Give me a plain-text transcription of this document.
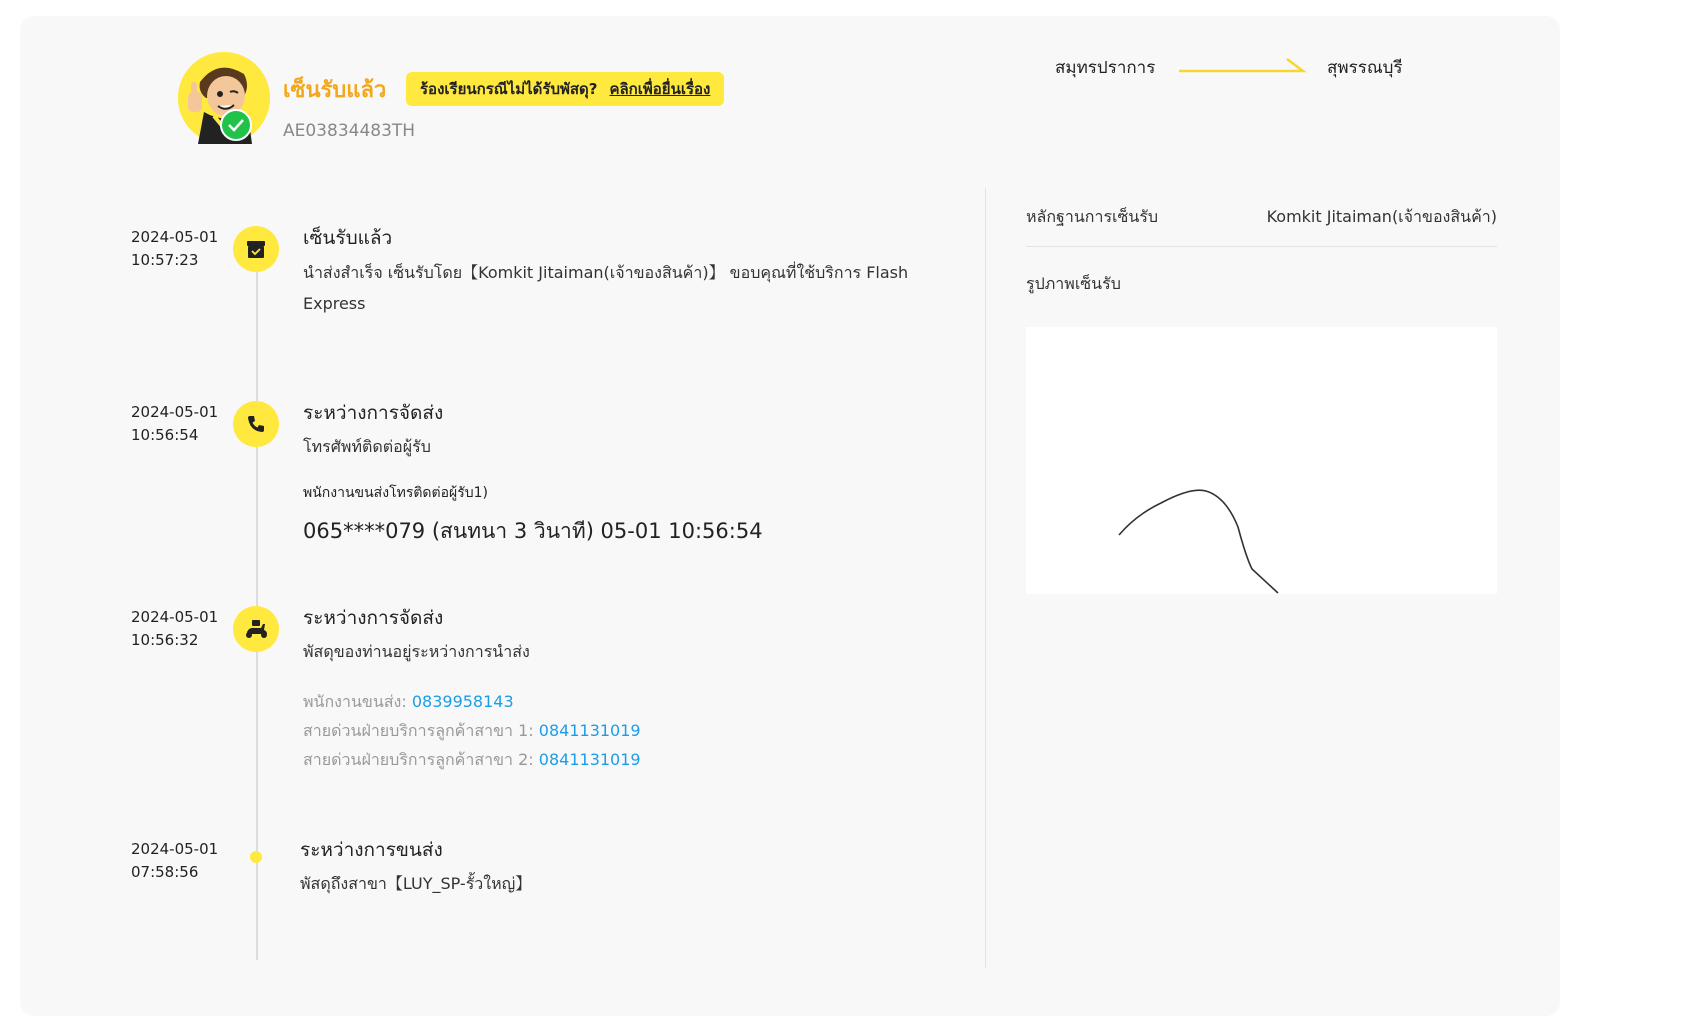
เซ็นรับแล้ว ร้องเรียนกรณีไม่ได้รับพัสดุ? คลิกเพื่อยื่นเรื่อง
AE03834483TH
สมุทรปราการ	สุพรรณบุรี
2024-05-01
10:57:23
เซ็นรับแล้ว
นำส่งสำเร็จ เซ็นรับโดย【Komkit Jitaiman(เจ้าของสินค้า)】 ขอบคุณที่ใช้บริการ Flash Express
2024-05-01
10:56:54
ระหว่างการจัดส่ง
โทรศัพท์ติดต่อผู้รับ
พนักงานขนส่งโทรติดต่อผู้รับ1)
065****079 (สนทนา 3 วินาที) 05-01 10:56:54
2024-05-01
10:56:32
ระหว่างการจัดส่ง
พัสดุของท่านอยู่ระหว่างการนำส่ง
พนักงานขนส่ง: 0839958143
สายด่วนฝ่ายบริการลูกค้าสาขา 1: 0841131019
สายด่วนฝ่ายบริการลูกค้าสาขา 2: 0841131019
2024-05-01
07:58:56
ระหว่างการขนส่ง
พัสดุถึงสาขา【LUY_SP-รั้วใหญ่】
หลักฐานการเซ็นรับ	Komkit Jitaiman(เจ้าของสินค้า)
รูปภาพเซ็นรับ
